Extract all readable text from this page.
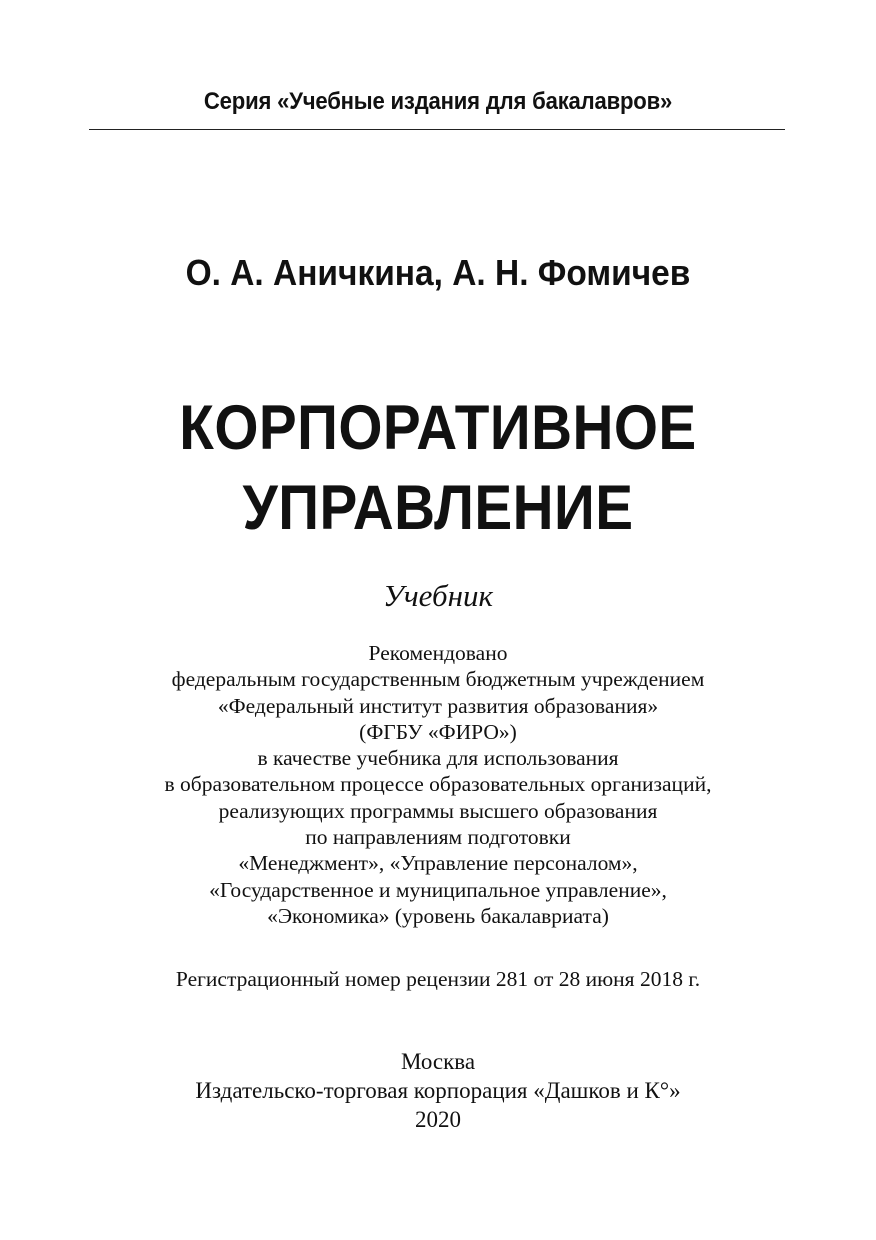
Серия «Учебные издания для бакалавров»
О. А. Аничкина, А. Н. Фомичев
КОРПОРАТИВНОЕ
УПРАВЛЕНИЕ
Учебник
Рекомендовано
федеральным государственным бюджетным учреждением
«Федеральный институт развития образования»
(ФГБУ «ФИРО»)
в качестве учебника для использования
в образовательном процессе образовательных организаций,
реализующих программы высшего образования
по направлениям подготовки
«Менеджмент», «Управление персоналом»,
«Государственное и муниципальное управление»,
«Экономика» (уровень бакалавриата)
Регистрационный номер рецензии 281 от 28 июня 2018 г.
Москва
Издательско-торговая корпорация «Дашков и К°»
2020
